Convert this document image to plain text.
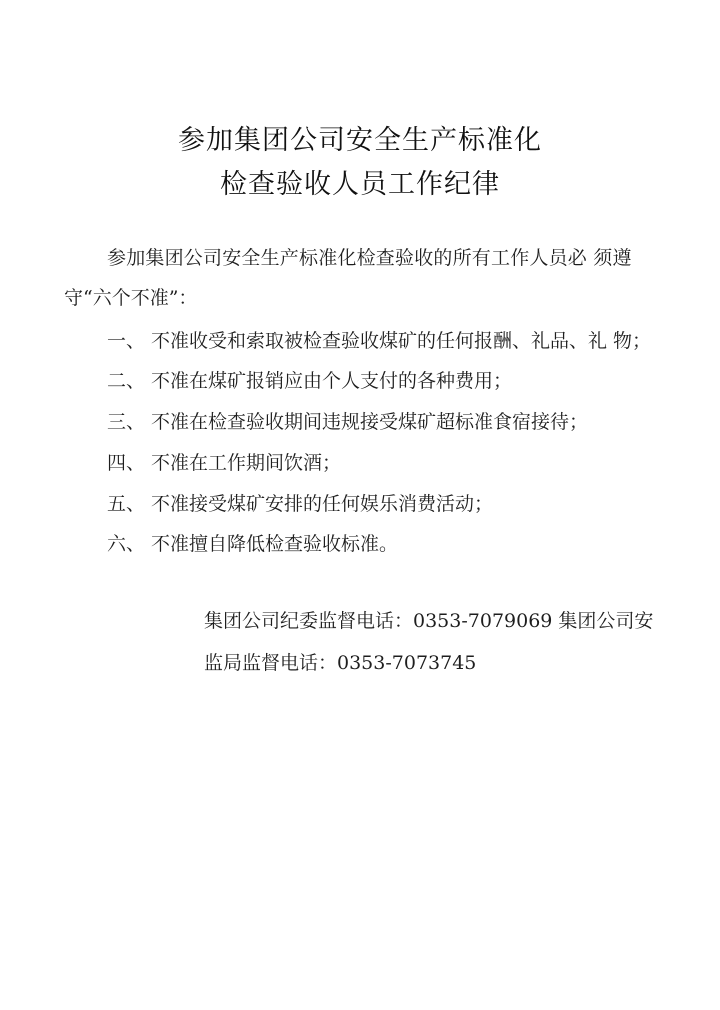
参加集团公司安全生产标准化
检查验收人员工作纪律
参加集团公司安全生产标准化检查验收的所有工作人员必 须遵
守“六个不准”：
一、 不准收受和索取被检查验收煤矿的任何报酬、礼品、礼 物；
二、 不准在煤矿报销应由个人支付的各种费用；
三、 不准在检查验收期间违规接受煤矿超标准食宿接待；
四、 不准在工作期间饮酒；
五、 不准接受煤矿安排的任何娱乐消费活动；
六、 不准擅自降低检查验收标准。
集团公司纪委监督电话：0353-7079069 集团公司安
监局监督电话：0353-7073745
